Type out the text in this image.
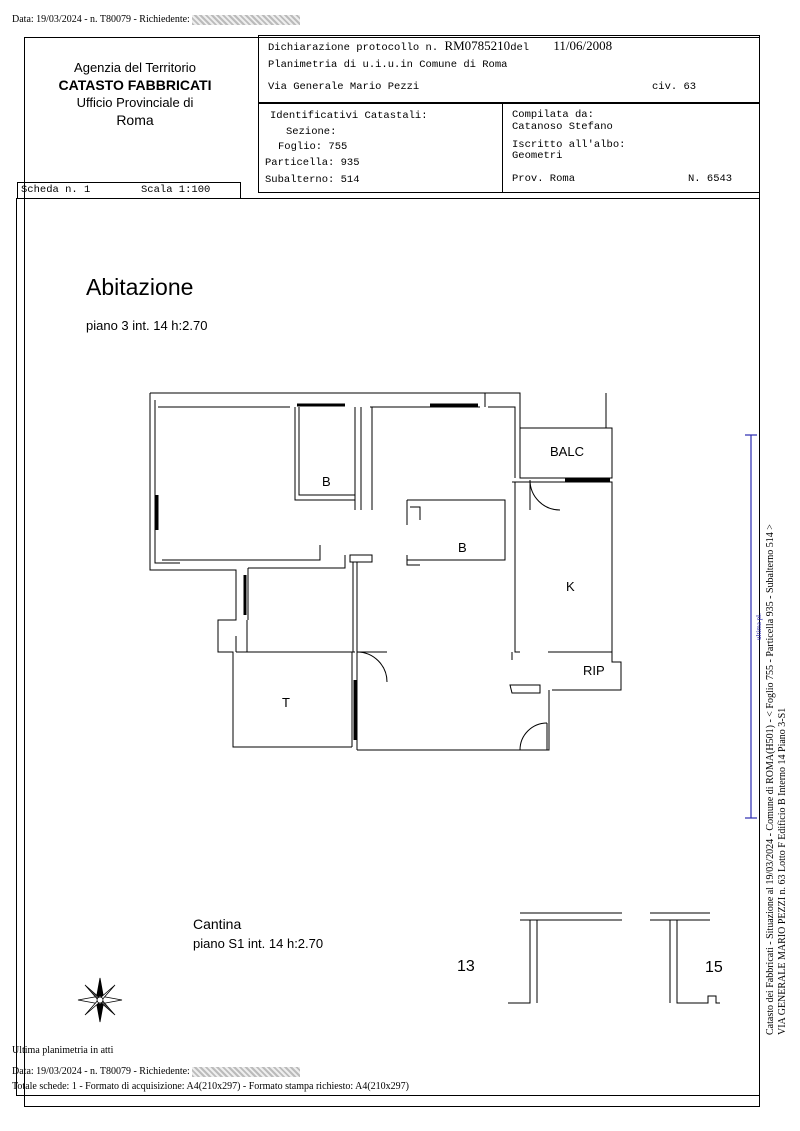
Data: 19/03/2024 - n. T80079 - Richiedente:
Agenzia del Territorio
CATASTO FABBRICATI
Ufficio Provinciale di
Roma
Dichiarazione protocollo n. RM0785210del 11/06/2008
Planimetria di u.i.u.in Comune di Roma
Via Generale Mario Pezzi	civ. 63
Identificativi Catastali:
Sezione:
Foglio: 755
Particella: 935
Subalterno: 514
Compilata da:
Catanoso Stefano
Iscritto all'albo:
Geometri
Prov. Roma	N. 6543
Scheda n. 1	Scala 1:100
Abitazione
piano 3 int. 14 h:2.70
B
BALC
B
K
RIP
T
Cantina
piano S1 int. 14 h:2.70
13	15	Catasto dei Fabbricati - Situazione al 19/03/2024 - Comune di ROMA(H501) - < Foglio 755 - Particella 935 - Subalterno 514 > VIA GENERALE MARIO PEZZI n. 63 Lotto F Edificio B Interno 14 Piano 3-S1
ultima pl.
Ultima planimetria in atti
Data: 19/03/2024 - n. T80079 - Richiedente:
Totale schede: 1 - Formato di acquisizione: A4(210x297) - Formato stampa richiesto: A4(210x297)
